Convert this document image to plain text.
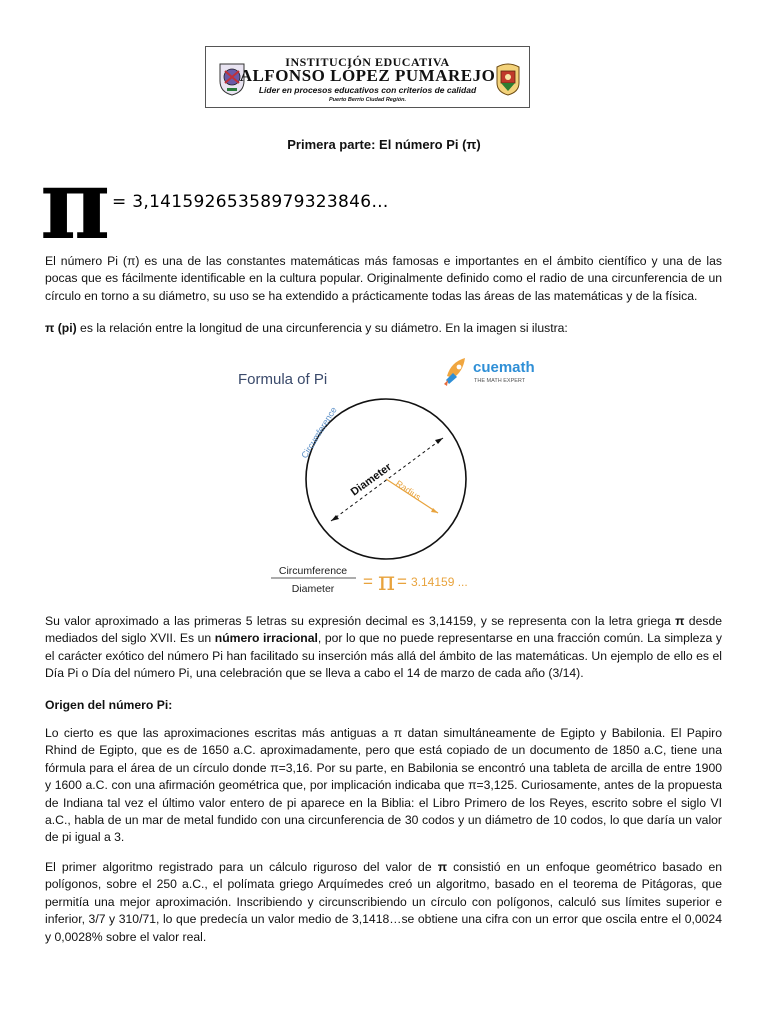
INSTITUCIÓN EDUCATIVA
ALFONSO LÓPEZ PUMAREJO
Lider en procesos educativos con criterios de calidad
Puerto Berrío Ciudad Región.
Primera parte: El número Pi (π)
π = 3,14159265358979323846…
El número Pi (π) es una de las constantes matemáticas más famosas e importantes en el ámbito científico y una de las pocas que es fácilmente identificable en la cultura popular. Originalmente definido como el radio de una circunferencia de un círculo en torno a su diámetro, su uso se ha extendido a prácticamente todas las áreas de las matemáticas y de la física.
π (pi) es la relación entre la longitud de una circunferencia y su diámetro. En la imagen si ilustra:
Formula of Pi
cuemath
THE MATH EXPERT
Diameter Radius
Circumference
Circumference
Diameter = π = 3.14159 ...
Su valor aproximado a las primeras 5 letras su expresión decimal es 3,14159, y se representa con la letra griega π desde mediados del siglo XVII. Es un número irracional, por lo que no puede representarse en una fracción común. La simpleza y el carácter exótico del número Pi han facilitado su inserción más allá del ámbito de las matemáticas. Un ejemplo de ello es el Día Pi o Día del número Pi, una celebración que se lleva a cabo el 14 de marzo de cada año (3/14).
Origen del número Pi:
Lo cierto es que las aproximaciones escritas más antiguas a π datan simultáneamente de Egipto y Babilonia. El Papiro Rhind de Egipto, que es de 1650 a.C. aproximadamente, pero que está copiado de un documento de 1850 a.C, tiene una fórmula para el área de un círculo donde π=3,16. Por su parte, en Babilonia se encontró una tableta de arcilla de entre 1900 y 1600 a.C. con una afirmación geométrica que, por implicación indicaba que π=3,125. Curiosamente, antes de la propuesta de Indiana tal vez el último valor entero de pi aparece en la Biblia: el Libro Primero de los Reyes, escrito sobre el siglo VI a.C., habla de un mar de metal fundido con una circunferencia de 30 codos y un diámetro de 10 codos, lo que daría un valor de pi igual a 3.
El primer algoritmo registrado para un cálculo riguroso del valor de π consistió en un enfoque geométrico basado en polígonos, sobre el 250 a.C., el polímata griego Arquímedes creó un algoritmo, basado en el teorema de Pitágoras, que permitía una mejor aproximación. Inscribiendo y circunscribiendo un círculo con polígonos, calculó sus límites superior e inferior, 3/7 y 310/71, lo que predecía un valor medio de 3,1418…se obtiene una cifra con un error que oscila entre el 0,0024 y 0,0028% sobre el valor real.
